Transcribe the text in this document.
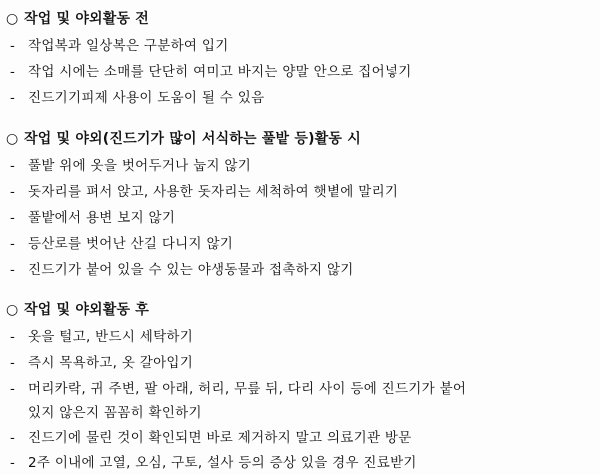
○ 작업 및 야외활동 전
- 작업복과 일상복은 구분하여 입기
- 작업 시에는 소매를 단단히 여미고 바지는 양말 안으로 집어넣기
- 진드기기피제 사용이 도움이 될 수 있음
○ 작업 및 야외(진드기가 많이 서식하는 풀밭 등)활동 시
- 풀밭 위에 옷을 벗어두거나 눕지 않기
- 돗자리를 펴서 앉고, 사용한 돗자리는 세척하여 햇볕에 말리기
- 풀밭에서 용변 보지 않기
- 등산로를 벗어난 산길 다니지 않기
- 진드기가 붙어 있을 수 있는 야생동물과 접촉하지 않기
○ 작업 및 야외활동 후
- 옷을 털고, 반드시 세탁하기
- 즉시 목욕하고, 옷 갈아입기
- 머리카락, 귀 주변, 팔 아래, 허리, 무릎 뒤, 다리 사이 등에 진드기가 붙어
있지 않은지 꼼꼼히 확인하기
- 진드기에 물린 것이 확인되면 바로 제거하지 말고 의료기관 방문
- 2주 이내에 고열, 오심, 구토, 설사 등의 증상 있을 경우 진료받기
